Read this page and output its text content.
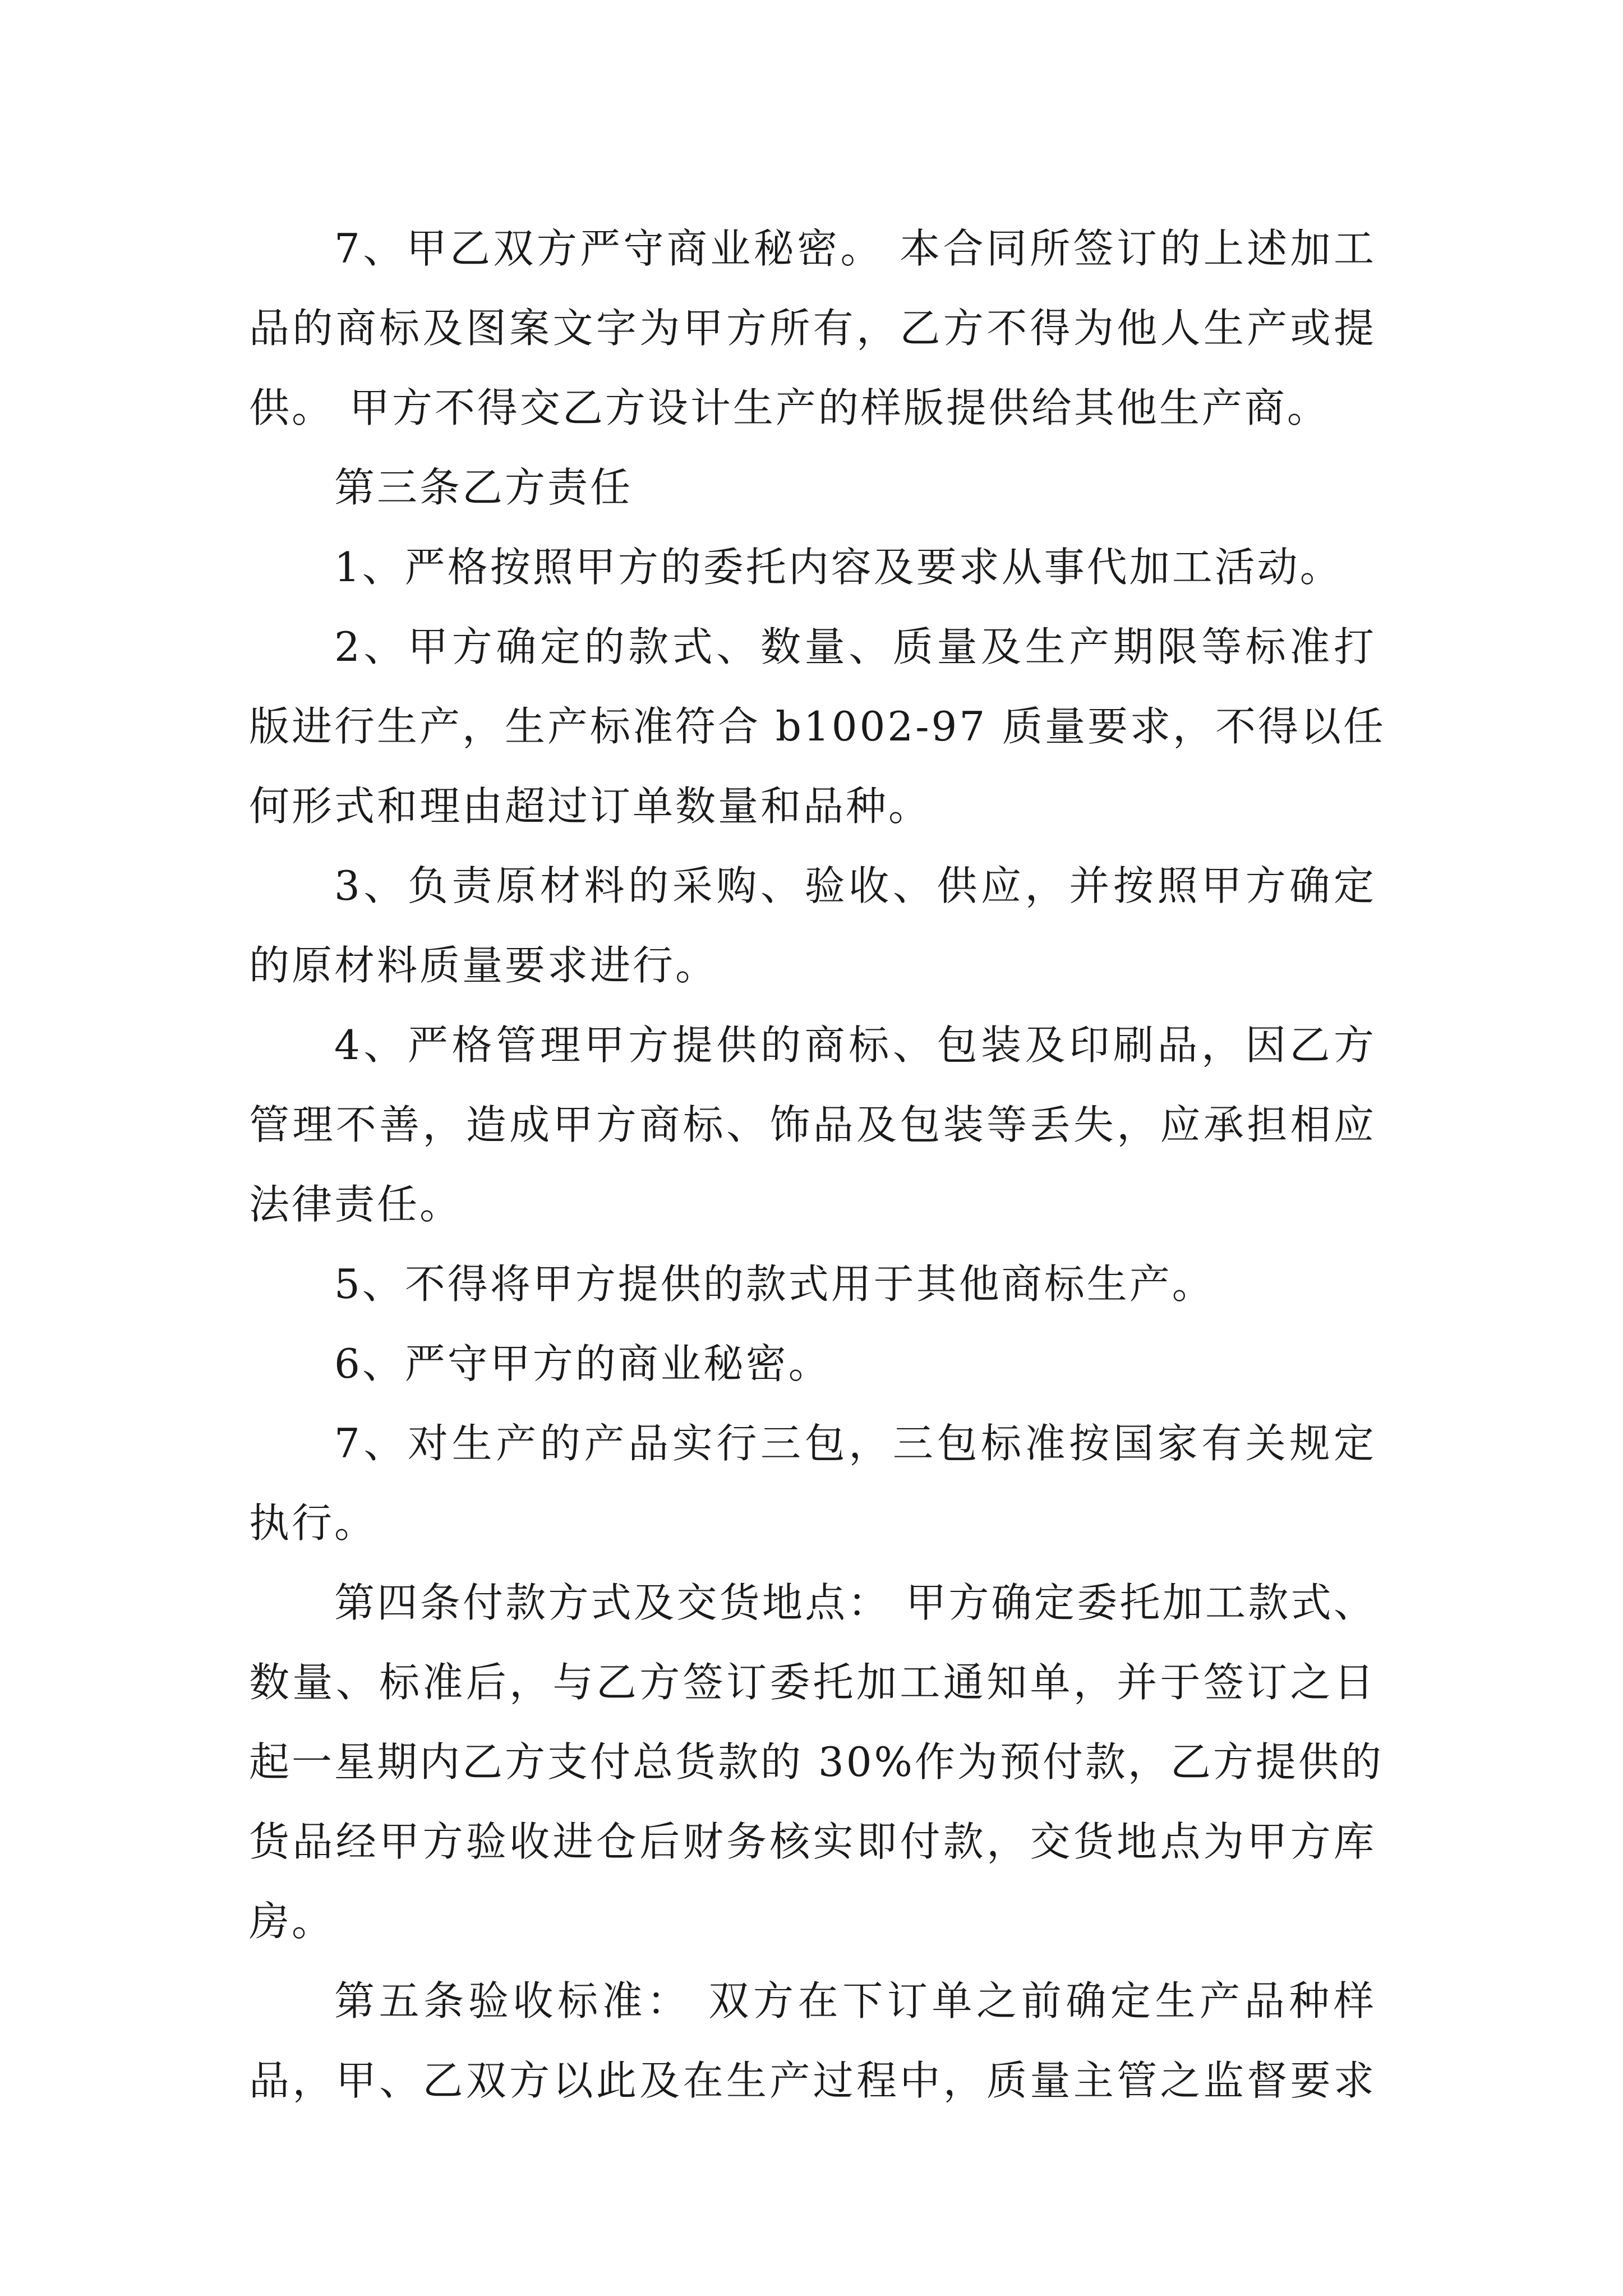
7、甲乙双方严守商业秘密。 本合同所签订的上述加工
品的商标及图案文字为甲方所有，乙方不得为他人生产或提
供。 甲方不得交乙方设计生产的样版提供给其他生产商。

第三条乙方责任

1、严格按照甲方的委托内容及要求从事代加工活动。

2、甲方确定的款式、数量、质量及生产期限等标准打
版进行生产，生产标准符合 b1002-97 质量要求，不得以任
何形式和理由超过订单数量和品种。

3、负责原材料的采购、验收、供应，并按照甲方确定
的原材料质量要求进行。

4、严格管理甲方提供的商标、包装及印刷品，因乙方
管理不善，造成甲方商标、饰品及包装等丢失，应承担相应
法律责任。

5、不得将甲方提供的款式用于其他商标生产。

6、严守甲方的商业秘密。

7、对生产的产品实行三包，三包标准按国家有关规定
执行。

第四条付款方式及交货地点： 甲方确定委托加工款式、
数量、标准后，与乙方签订委托加工通知单，并于签订之日
起一星期内乙方支付总货款的 30%作为预付款，乙方提供的
货品经甲方验收进仓后财务核实即付款，交货地点为甲方库
房。

第五条验收标准： 双方在下订单之前确定生产品种样
品，甲、乙双方以此及在生产过程中，质量主管之监督要求
